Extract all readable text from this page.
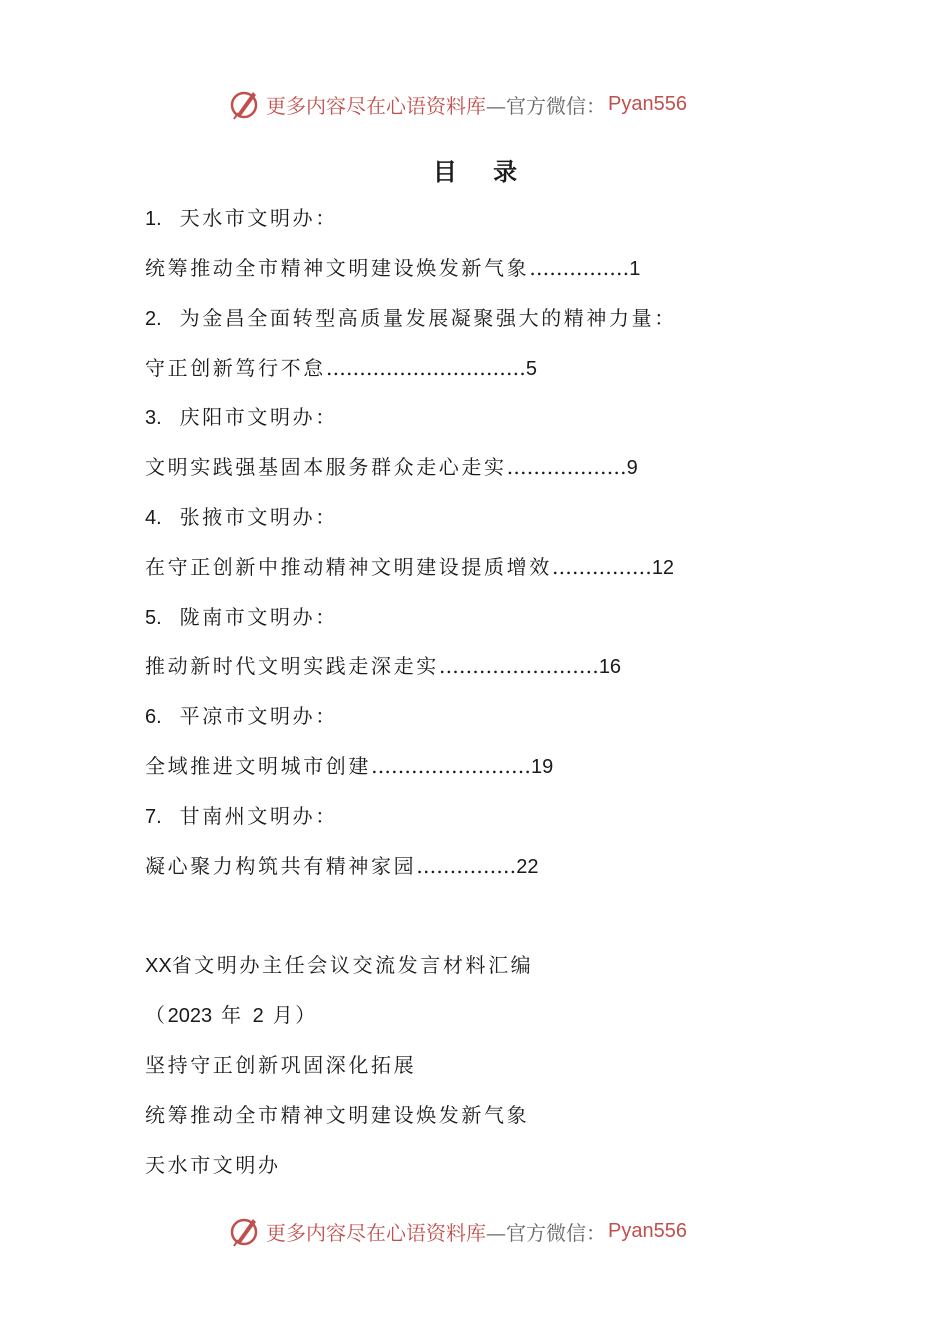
更多内容尽在心语资料库 —官方微信： Pyan556
目 录
1. 天水市文明办：
统筹推动全市精神文明建设焕发新气象……………1
2. 为金昌全面转型高质量发展凝聚强大的精神力量：
守正创新笃行不怠…………………………5
3. 庆阳市文明办：
文明实践强基固本服务群众走心走实………………9
4. 张掖市文明办：
在守正创新中推动精神文明建设提质增效……………12
5. 陇南市文明办：
推动新时代文明实践走深走实……………………16
6. 平凉市文明办：
全域推进文明城市创建……………………19
7. 甘南州文明办：
凝心聚力构筑共有精神家园……………22
XX省文明办主任会议交流发言材料汇编
（2023 年 2 月）
坚持守正创新巩固深化拓展
统筹推动全市精神文明建设焕发新气象
天水市文明办
更多内容尽在心语资料库 —官方微信： Pyan556
